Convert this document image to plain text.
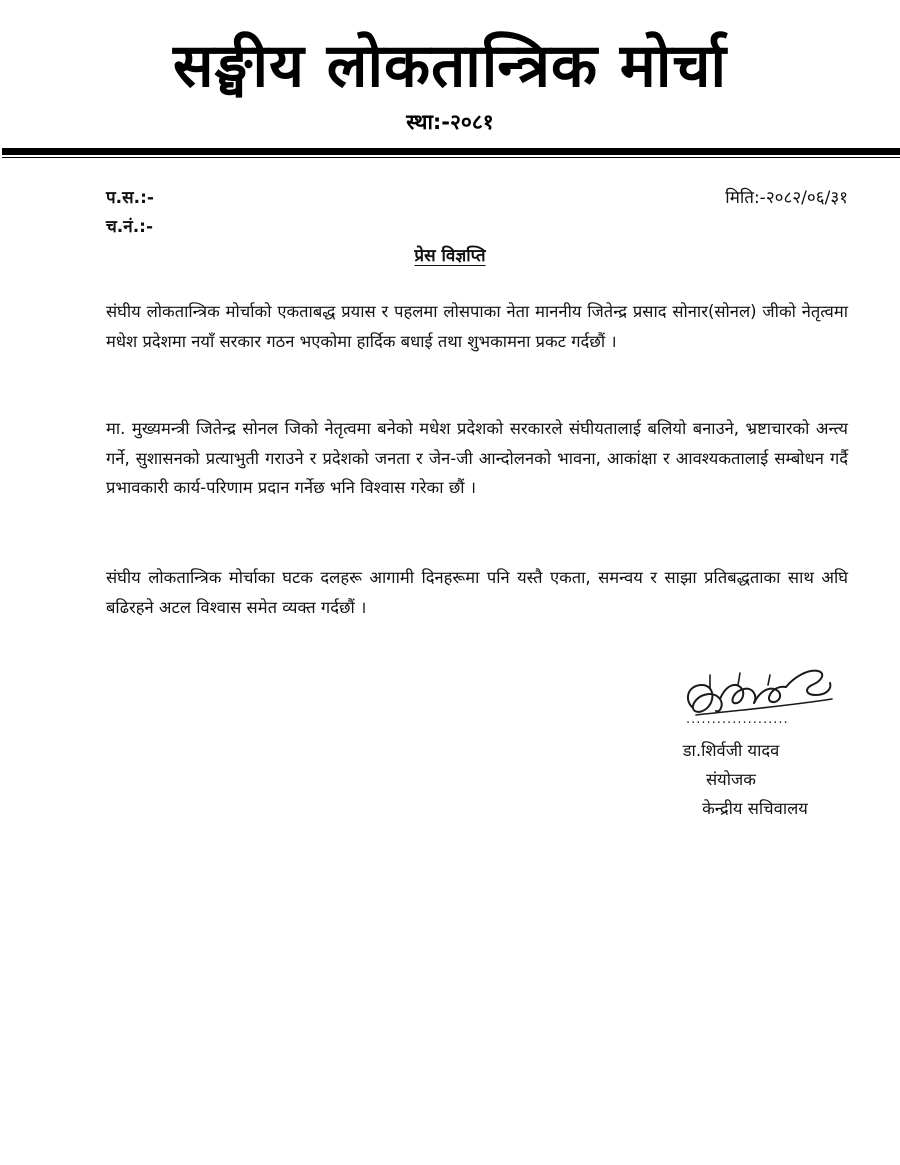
सङ्घीय लोकतान्त्रिक मोर्चा
स्था:-२०८१
प.स.:-
च.नं.:-
मिति:-२०८२/०६/३१
प्रेस विज्ञप्ति

संघीय लोकतान्त्रिक मोर्चाको एकताबद्ध प्रयास र पहलमा लोसपाका नेता माननीय जितेन्द्र प्रसाद सोनार(सोनल) जीको नेतृत्वमा मधेश प्रदेशमा नयाँ सरकार गठन भएकोमा हार्दिक बधाई तथा शुभकामना प्रकट गर्दछौं ।

मा. मुख्यमन्त्री जितेन्द्र सोनल जिको नेतृत्वमा बनेको मधेश प्रदेशको सरकारले संघीयतालाई बलियो बनाउने, भ्रष्टाचारको अन्त्य गर्ने, सुशासनको प्रत्याभुती गराउने र प्रदेशको जनता र जेन-जी आन्दोलनको भावना, आकांक्षा र आवश्यकतालाई सम्बोधन गर्दै प्रभावकारी कार्य-परिणाम प्रदान गर्नेछ भनि विश्वास गरेका छौं ।

संघीय लोकतान्त्रिक मोर्चाका घटक दलहरू आगामी दिनहरूमा पनि यस्तै एकता, समन्वय र साझा प्रतिबद्धताका साथ अघि बढिरहने अटल विश्वास समेत व्यक्त गर्दछौं ।

....................
डा.शिर्वजी यादव
संयोजक
केन्द्रीय सचिवालय
